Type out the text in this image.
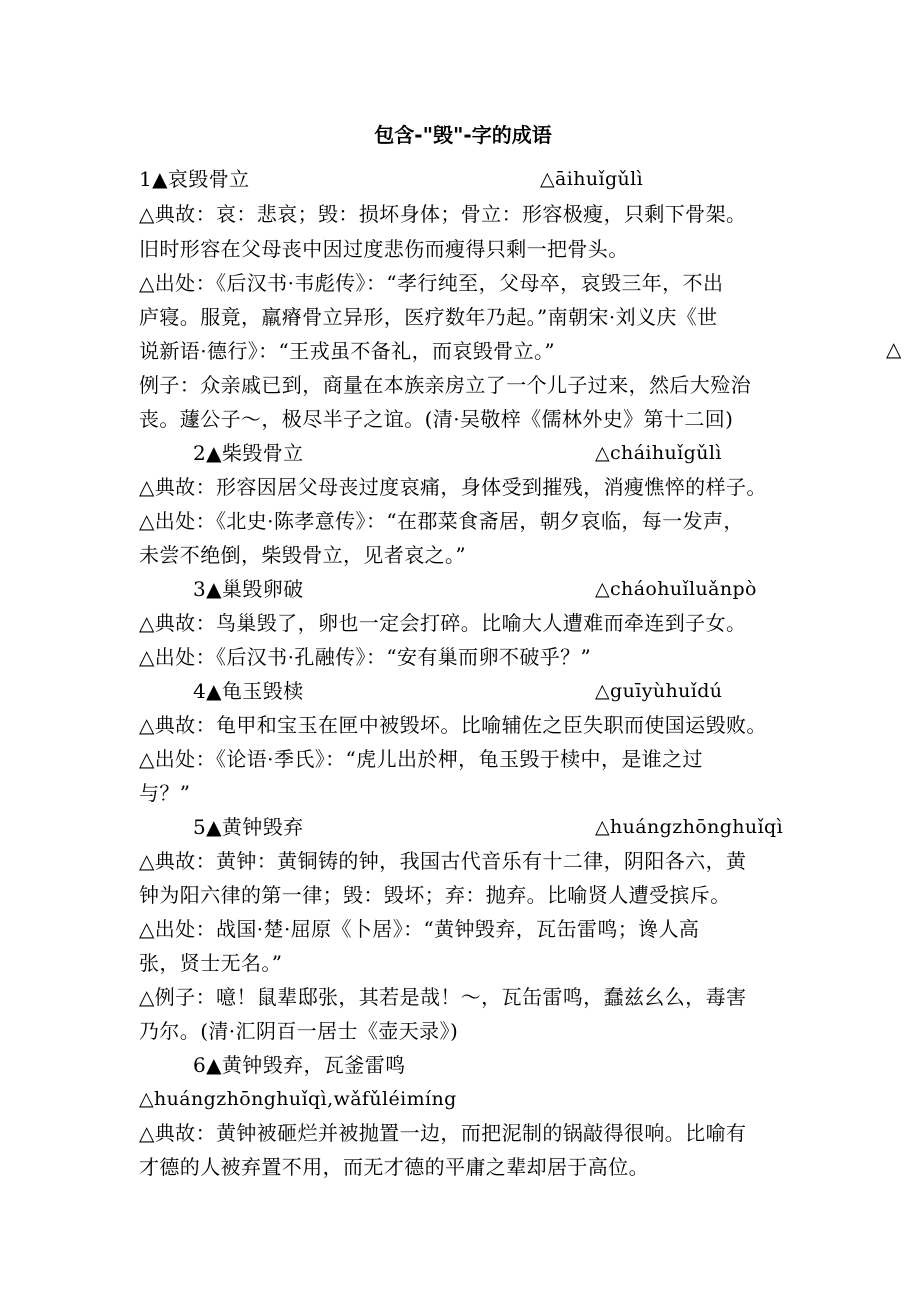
包含-"毁"-字的成语
1▲哀毁骨立	△āihuǐgǔlì
△典故：哀：悲哀；毁：损坏身体；骨立：形容极瘦，只剩下骨架。
旧时形容在父母丧中因过度悲伤而瘦得只剩一把骨头。
△出处：《后汉书·韦彪传》：“孝行纯至，父母卒，哀毁三年，不出
庐寝。服竟，羸瘠骨立异形，医疗数年乃起。”南朝宋·刘义庆《世
说新语·德行》：“王戎虽不备礼，而哀毁骨立。”	△
例子：众亲戚已到，商量在本族亲房立了一个儿子过来，然后大殓治
丧。蘧公子～，极尽半子之谊。(清·吴敬梓《儒林外史》第十二回)
2▲柴毁骨立	△cháihuǐgǔlì
△典故：形容因居父母丧过度哀痛，身体受到摧残，消瘦憔悴的样子。
△出处：《北史·陈孝意传》：“在郡菜食斋居，朝夕哀临，每一发声，
未尝不绝倒，柴毁骨立，见者哀之。”
3▲巢毁卵破	△cháohuǐluǎnpò
△典故：鸟巢毁了，卵也一定会打碎。比喻大人遭难而牵连到子女。
△出处：《后汉书·孔融传》：“安有巢而卵不破乎？”
4▲龟玉毁椟	△guīyùhuǐdú
△典故：龟甲和宝玉在匣中被毁坏。比喻辅佐之臣失职而使国运毁败。
△出处：《论语·季氏》：“虎儿出於柙，龟玉毁于椟中，是谁之过
与？”
5▲黄钟毁弃	△huángzhōnghuǐqì
△典故：黄钟：黄铜铸的钟，我国古代音乐有十二律，阴阳各六，黄
钟为阳六律的第一律；毁：毁坏；弃：抛弃。比喻贤人遭受摈斥。
△出处：战国·楚·屈原《卜居》：“黄钟毁弃，瓦缶雷鸣；谗人高
张，贤士无名。”
△例子：噫！鼠辈邸张，其若是哉！～，瓦缶雷鸣，蠢兹幺么，毒害
乃尔。(清·汇阴百一居士《壶天录》)
6▲黄钟毁弃，瓦釜雷鸣
△huángzhōnghuǐqì,wǎfǔléimíng
△典故：黄钟被砸烂并被抛置一边，而把泥制的锅敲得很响。比喻有
才德的人被弃置不用，而无才德的平庸之辈却居于高位。
